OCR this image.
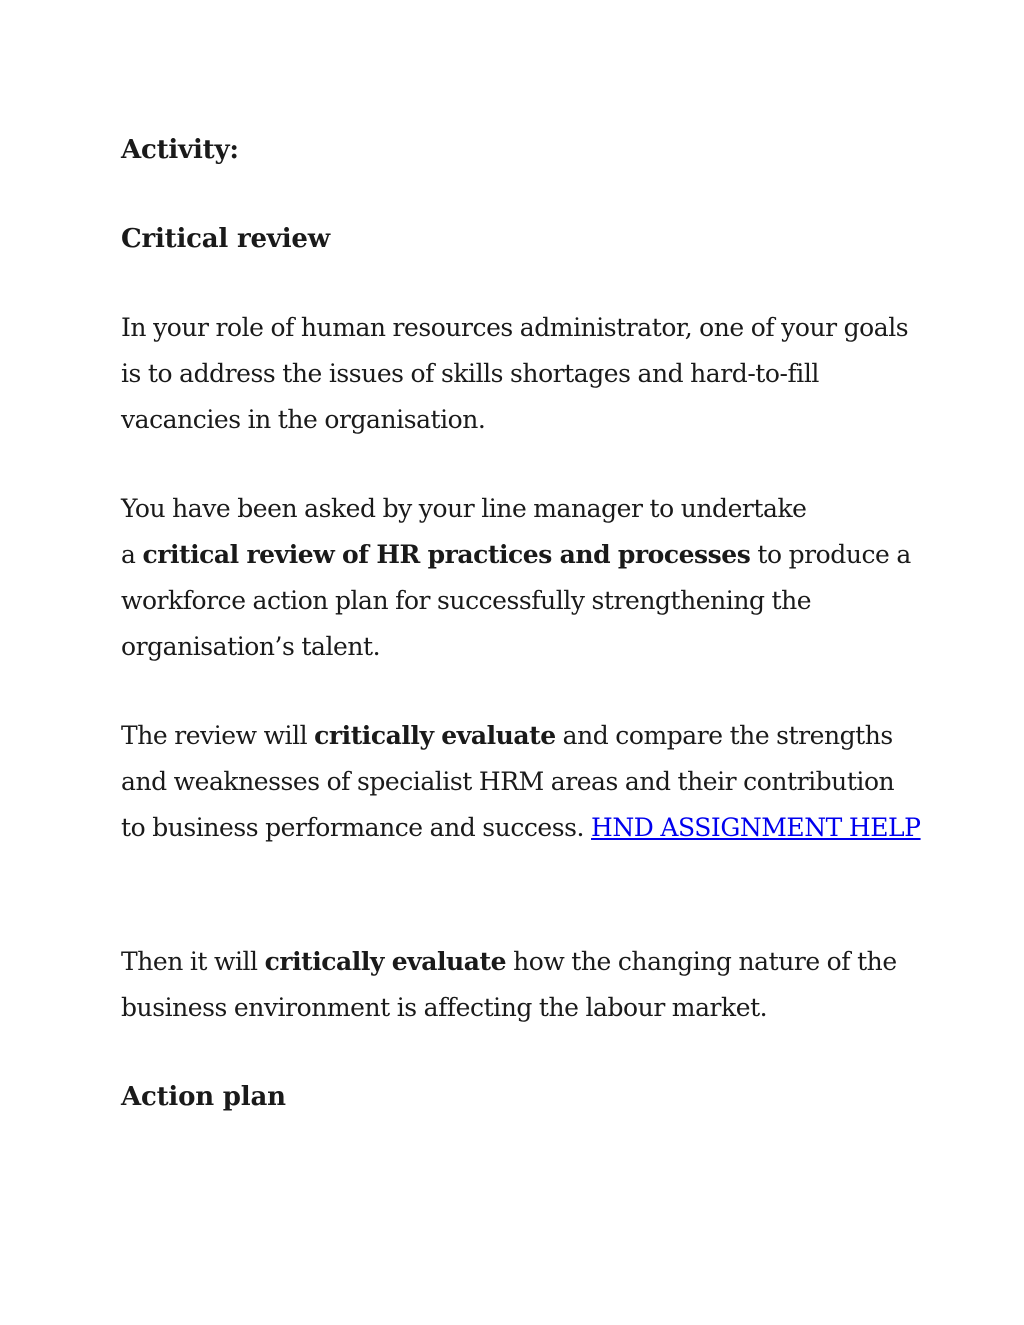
Activity:
Critical review

In your role of human resources administrator, one of your goals is to address the issues of skills shortages and hard-to-fill vacancies in the organisation.

You have been asked by your line manager to undertake
a critical review of HR practices and processes to produce a workforce action plan for successfully strengthening the organisation’s talent.

The review will critically evaluate and compare the strengths and weaknesses of specialist HRM areas and their contribution to business performance and success. HND ASSIGNMENT HELP

Then it will critically evaluate how the changing nature of the business environment is affecting the labour market.

Action plan
